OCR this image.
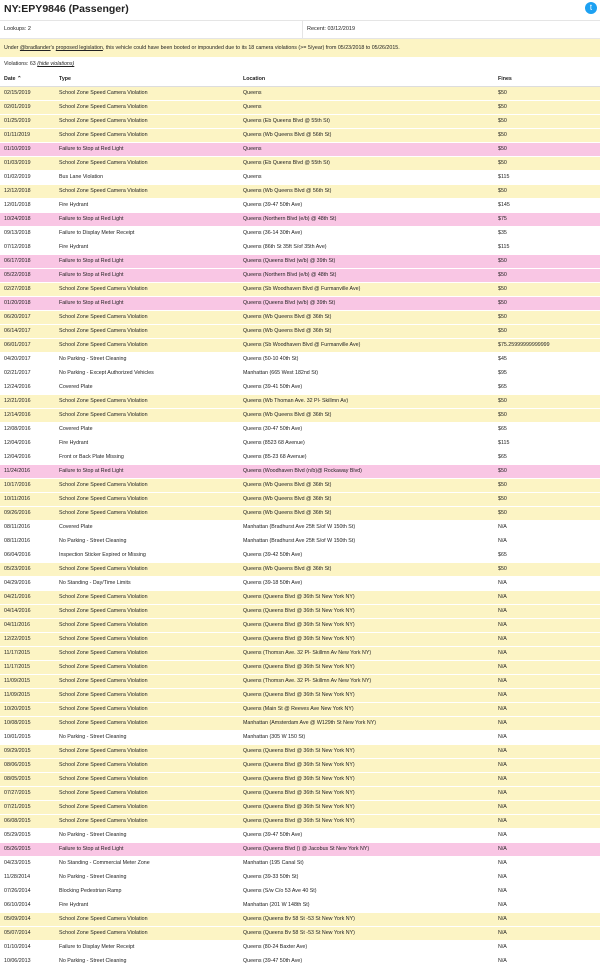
NY:EPY9846 (Passenger)	t
Lookups: 2	Recent: 03/12/2019
Under @bradlander's proposed legislation, this vehicle could have been booted or impounded due to its 18 camera violations (>= 5/year) from 05/23/2018 to 05/26/2015.
Violations: 63 (hide violations)
Date ⌃	Type	Location	Fines
02/15/2019	School Zone Speed Camera Violation	Queens	$50
02/01/2019	School Zone Speed Camera Violation	Queens	$50
01/25/2019	School Zone Speed Camera Violation	Queens (Eb Queens Blvd @ 55th St)	$50
01/11/2019	School Zone Speed Camera Violation	Queens (Wb Queens Blvd @ 56th St)	$50
01/10/2019	Failure to Stop at Red Light	Queens	$50
01/03/2019	School Zone Speed Camera Violation	Queens (Eb Queens Blvd @ 55th St)	$50
01/02/2019	Bus Lane Violation	Queens	$115
12/12/2018	School Zone Speed Camera Violation	Queens (Wb Queens Blvd @ 56th St)	$50
12/01/2018	Fire Hydrant	Queens (39-47 50th Ave)	$145
10/24/2018	Failure to Stop at Red Light	Queens (Northern Blvd (e/b) @ 48th St)	$75
09/13/2018	Failure to Display Meter Receipt	Queens (36-14 30th Ave)	$35
07/12/2018	Fire Hydrant	Queens (86th St 35ft S/of 35th Ave)	$115
06/17/2018	Failure to Stop at Red Light	Queens (Queens Blvd (w/b) @ 39th St)	$50
05/22/2018	Failure to Stop at Red Light	Queens (Northern Blvd (e/b) @ 48th St)	$50
02/27/2018	School Zone Speed Camera Violation	Queens (Sb Woodhaven Blvd @ Furmanville Ave)	$50
01/20/2018	Failure to Stop at Red Light	Queens (Queens Blvd (w/b) @ 39th St)	$50
06/20/2017	School Zone Speed Camera Violation	Queens (Wb Queens Blvd @ 36th St)	$50
06/14/2017	School Zone Speed Camera Violation	Queens (Wb Queens Blvd @ 36th St)	$50
06/01/2017	School Zone Speed Camera Violation	Queens (Sb Woodhaven Blvd @ Furmanville Ave)	$75.25999999999999
04/20/2017	No Parking - Street Cleaning	Queens (50-10 40th St)	$45
02/21/2017	No Parking - Except Authorized Vehicles	Manhattan (665 West 182nd St)	$95
12/24/2016	Covered Plate	Queens (39-41 50th Ave)	$65
12/21/2016	School Zone Speed Camera Violation	Queens (Wb Thoman Ave. 32 Pl- Skillmn Av)	$50
12/14/2016	School Zone Speed Camera Violation	Queens (Wb Queens Blvd @ 36th St)	$50
12/08/2016	Covered Plate	Queens (30-47 50th Ave)	$65
12/04/2016	Fire Hydrant	Queens (8523 68 Avenue)	$115
12/04/2016	Front or Back Plate Missing	Queens (85-23 68 Avenue)	$65
11/24/2016	Failure to Stop at Red Light	Queens (Woodhaven Blvd (n/b)@ Rockaway Blvd)	$50
10/17/2016	School Zone Speed Camera Violation	Queens (Wb Queens Blvd @ 36th St)	$50
10/11/2016	School Zone Speed Camera Violation	Queens (Wb Queens Blvd @ 36th St)	$50
09/26/2016	School Zone Speed Camera Violation	Queens (Wb Queens Blvd @ 36th St)	$50
08/11/2016	Covered Plate	Manhattan (Bradhurst Ave 25ft S/of W 150th St)	N/A
08/11/2016	No Parking - Street Cleaning	Manhattan (Bradhurst Ave 25ft S/of W 150th St)	N/A
06/04/2016	Inspection Sticker Expired or Missing	Queens (39-42 50th Ave)	$65
05/23/2016	School Zone Speed Camera Violation	Queens (Wb Queens Blvd @ 36th St)	$50
04/29/2016	No Standing - Day/Time Limits	Queens (39-18 50th Ave)	N/A
04/21/2016	School Zone Speed Camera Violation	Queens (Queens Blvd @ 36th St New York NY)	N/A
04/14/2016	School Zone Speed Camera Violation	Queens (Queens Blvd @ 36th St New York NY)	N/A
04/11/2016	School Zone Speed Camera Violation	Queens (Queens Blvd @ 36th St New York NY)	N/A
12/22/2015	School Zone Speed Camera Violation	Queens (Queens Blvd @ 36th St New York NY)	N/A
11/17/2015	School Zone Speed Camera Violation	Queens (Thomsn Ave. 32 Pl- Skillmn Av New York NY)	N/A
11/17/2015	School Zone Speed Camera Violation	Queens (Queens Blvd @ 36th St New York NY)	N/A
11/09/2015	School Zone Speed Camera Violation	Queens (Thomsn Ave. 32 Pl- Skillmn Av New York NY)	N/A
11/09/2015	School Zone Speed Camera Violation	Queens (Queens Blvd @ 36th St New York NY)	N/A
10/20/2015	School Zone Speed Camera Violation	Queens (Main St @ Reeves Ave New York NY)	N/A
10/08/2015	School Zone Speed Camera Violation	Manhattan (Amsterdam Ave @ W129th St New York NY)	N/A
10/01/2015	No Parking - Street Cleaning	Manhattan (305 W 150 St)	N/A
09/29/2015	School Zone Speed Camera Violation	Queens (Queens Blvd @ 36th St New York NY)	N/A
08/06/2015	School Zone Speed Camera Violation	Queens (Queens Blvd @ 36th St New York NY)	N/A
08/05/2015	School Zone Speed Camera Violation	Queens (Queens Blvd @ 36th St New York NY)	N/A
07/27/2015	School Zone Speed Camera Violation	Queens (Queens Blvd @ 36th St New York NY)	N/A
07/21/2015	School Zone Speed Camera Violation	Queens (Queens Blvd @ 36th St New York NY)	N/A
06/08/2015	School Zone Speed Camera Violation	Queens (Queens Blvd @ 36th St New York NY)	N/A
05/29/2015	No Parking - Street Cleaning	Queens (39-47 50th Ave)	N/A
05/26/2015	Failure to Stop at Red Light	Queens (Queens Blvd () @ Jacobus St New York NY)	N/A
04/23/2015	No Standing - Commercial Meter Zone	Manhattan (195 Canal St)	N/A
11/28/2014	No Parking - Street Cleaning	Queens (39-33 50th St)	N/A
07/26/2014	Blocking Pedestrian Ramp	Queens (S/w C/o 53 Ave 40 St)	N/A
06/10/2014	Fire Hydrant	Manhattan (201 W 148th St)	N/A
05/09/2014	School Zone Speed Camera Violation	Queens (Queens Bv 58 St -53 St New York NY)	N/A
05/07/2014	School Zone Speed Camera Violation	Queens (Queens Bv 58 St -53 St New York NY)	N/A
01/10/2014	Failure to Display Meter Receipt	Queens (80-24 Baxter Ave)	N/A
10/06/2013	No Parking - Street Cleaning	Queens (39-47 50th Ave)	N/A
